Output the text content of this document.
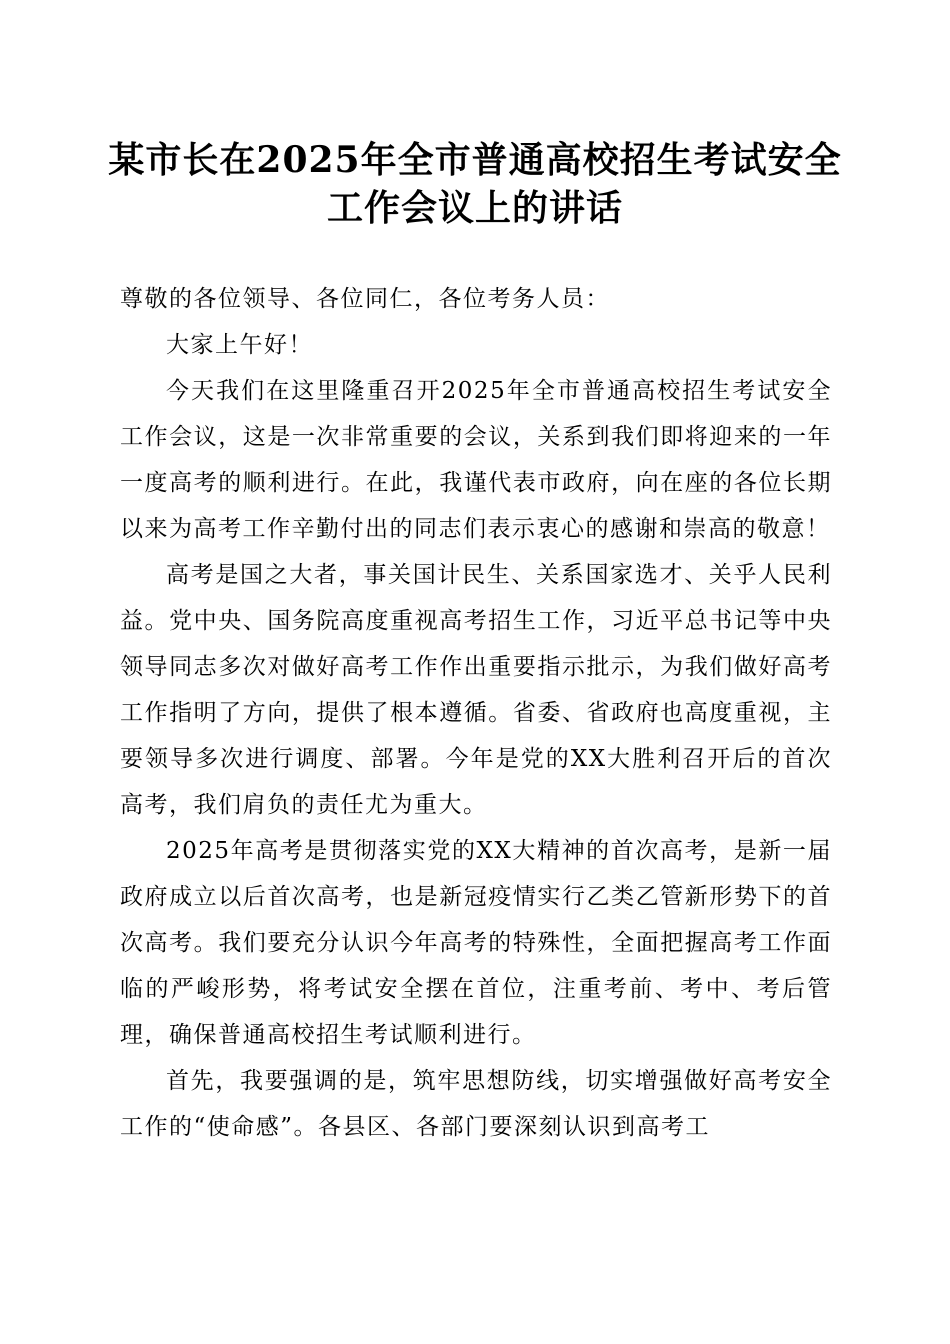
某市长在2025年全市普通高校招生考试安全
工作会议上的讲话

尊敬的各位领导、各位同仁，各位考务人员：

大家上午好！

今天我们在这里隆重召开2025年全市普通高校招生考试安全工作会议，这是一次非常重要的会议，关系到我们即将迎来的一年一度高考的顺利进行。在此，我谨代表市政府，向在座的各位长期以来为高考工作辛勤付出的同志们表示衷心的感谢和崇高的敬意！

高考是国之大者，事关国计民生、关系国家选才、关乎人民利益。党中央、国务院高度重视高考招生工作，习近平总书记等中央领导同志多次对做好高考工作作出重要指示批示，为我们做好高考工作指明了方向，提供了根本遵循。省委、省政府也高度重视，主要领导多次进行调度、部署。今年是党的XX大胜利召开后的首次高考，我们肩负的责任尤为重大。

2025年高考是贯彻落实党的XX大精神的首次高考，是新一届政府成立以后首次高考，也是新冠疫情实行乙类乙管新形势下的首次高考。我们要充分认识今年高考的特殊性，全面把握高考工作面临的严峻形势，将考试安全摆在首位，注重考前、考中、考后管理，确保普通高校招生考试顺利进行。

首先，我要强调的是，筑牢思想防线，切实增强做好高考安全工作的“使命感”。各县区、各部门要深刻认识到高考工
